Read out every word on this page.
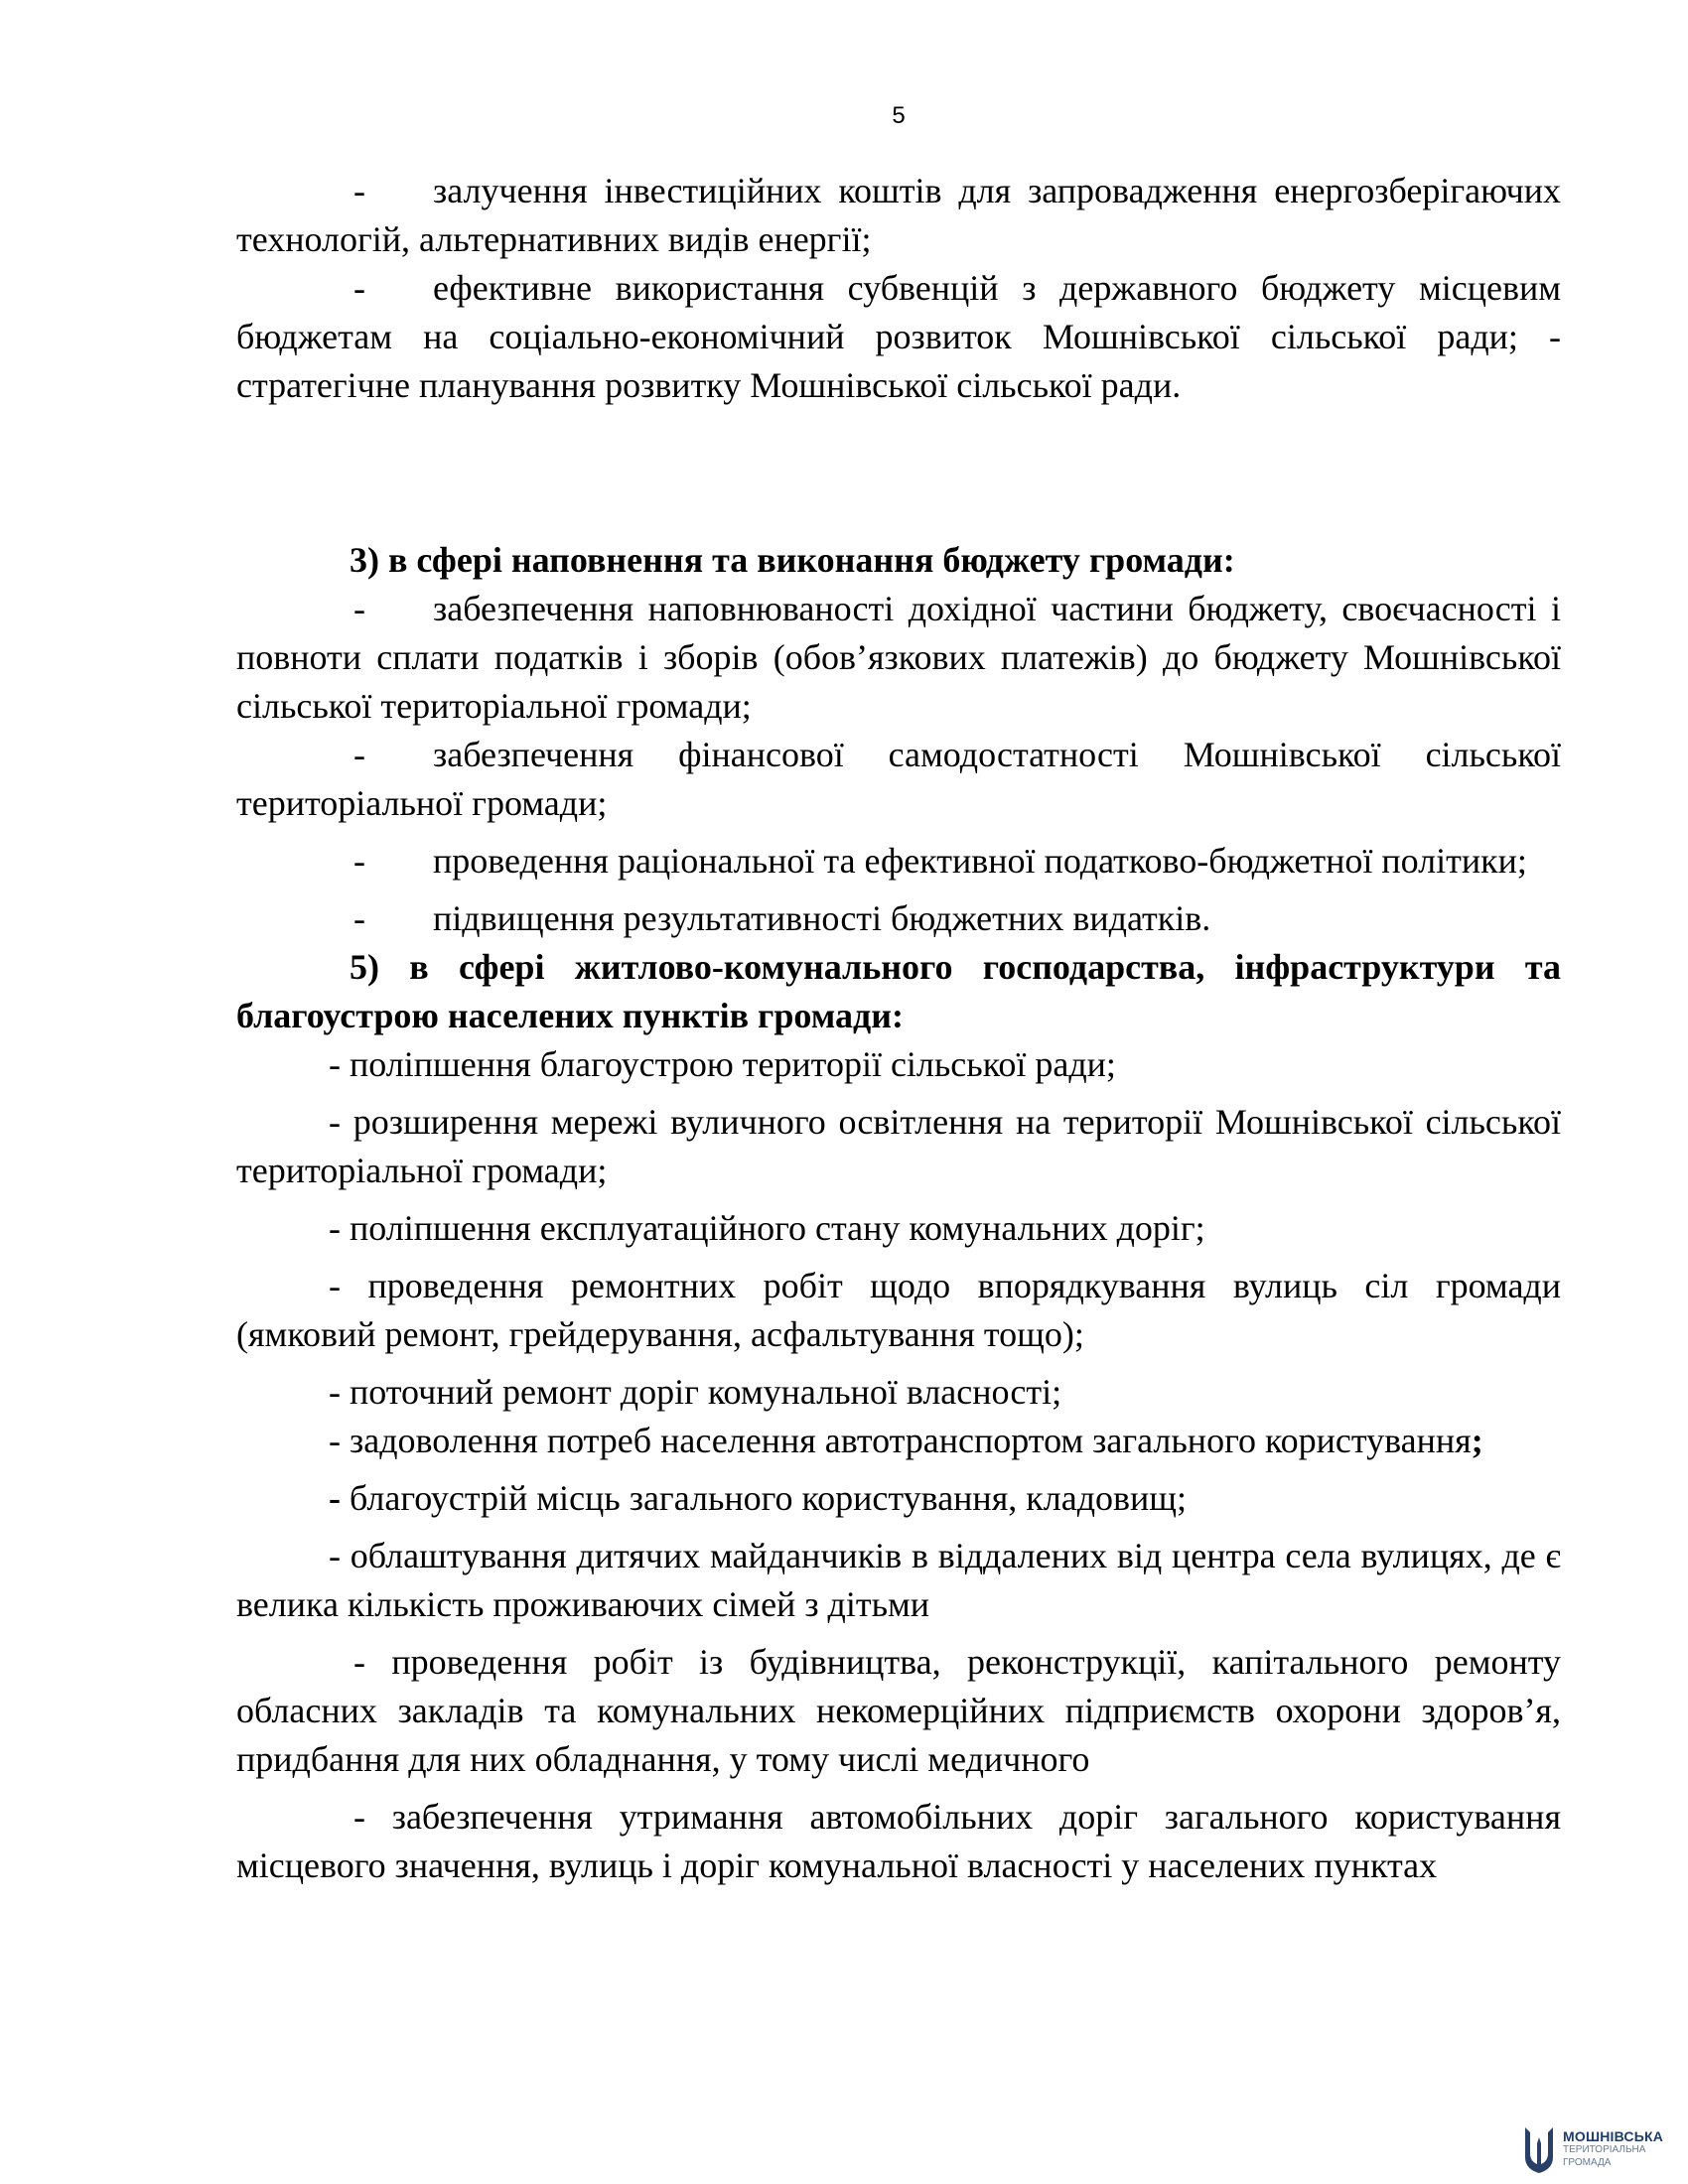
5

- залучення інвестиційних коштів для запровадження енергозберігаючих технологій, альтернативних видів енергії;

- ефективне використання субвенцій з державного бюджету місцевим бюджетам на соціально-економічний розвиток Мошнівської сільської ради; - стратегічне планування розвитку Мошнівської сільської ради.

3) в сфері наповнення та виконання бюджету громади:

- забезпечення наповнюваності дохідної частини бюджету, своєчасності і повноти сплати податків і зборів (обов’язкових платежів) до бюджету Мошнівської сільської територіальної громади;

- забезпечення фінансової самодостатності Мошнівської сільської територіальної громади;

- проведення раціональної та ефективної податково-бюджетної політики;

- підвищення результативності бюджетних видатків.

5) в сфері житлово-комунального господарства, інфраструктури та благоустрою населених пунктів громади:

- поліпшення благоустрою території сільської ради;

- розширення мережі вуличного освітлення на території Мошнівської сільської територіальної громади;

- поліпшення експлуатаційного стану комунальних доріг;

- проведення ремонтних робіт щодо впорядкування вулиць сіл громади (ямковий ремонт, грейдерування, асфальтування тощо);

- поточний ремонт доріг комунальної власності;

- задоволення потреб населення автотранспортом загального користування;

- благоустрій місць загального користування, кладовищ;

- облаштування дитячих майданчиків в віддалених від центра села вулицях, де є велика кількість проживаючих сімей з дітьми

- проведення робіт із будівництва, реконструкції, капітального ремонту обласних закладів та комунальних некомерційних підприємств охорони здоров’я, придбання для них обладнання, у тому числі медичного

- забезпечення утримання автомобільних доріг загального користування місцевого значення, вулиць і доріг комунальної власності у населених пунктах

МОШНІВСЬКА
ТЕРИТОРІАЛЬНА
ГРОМАДА
